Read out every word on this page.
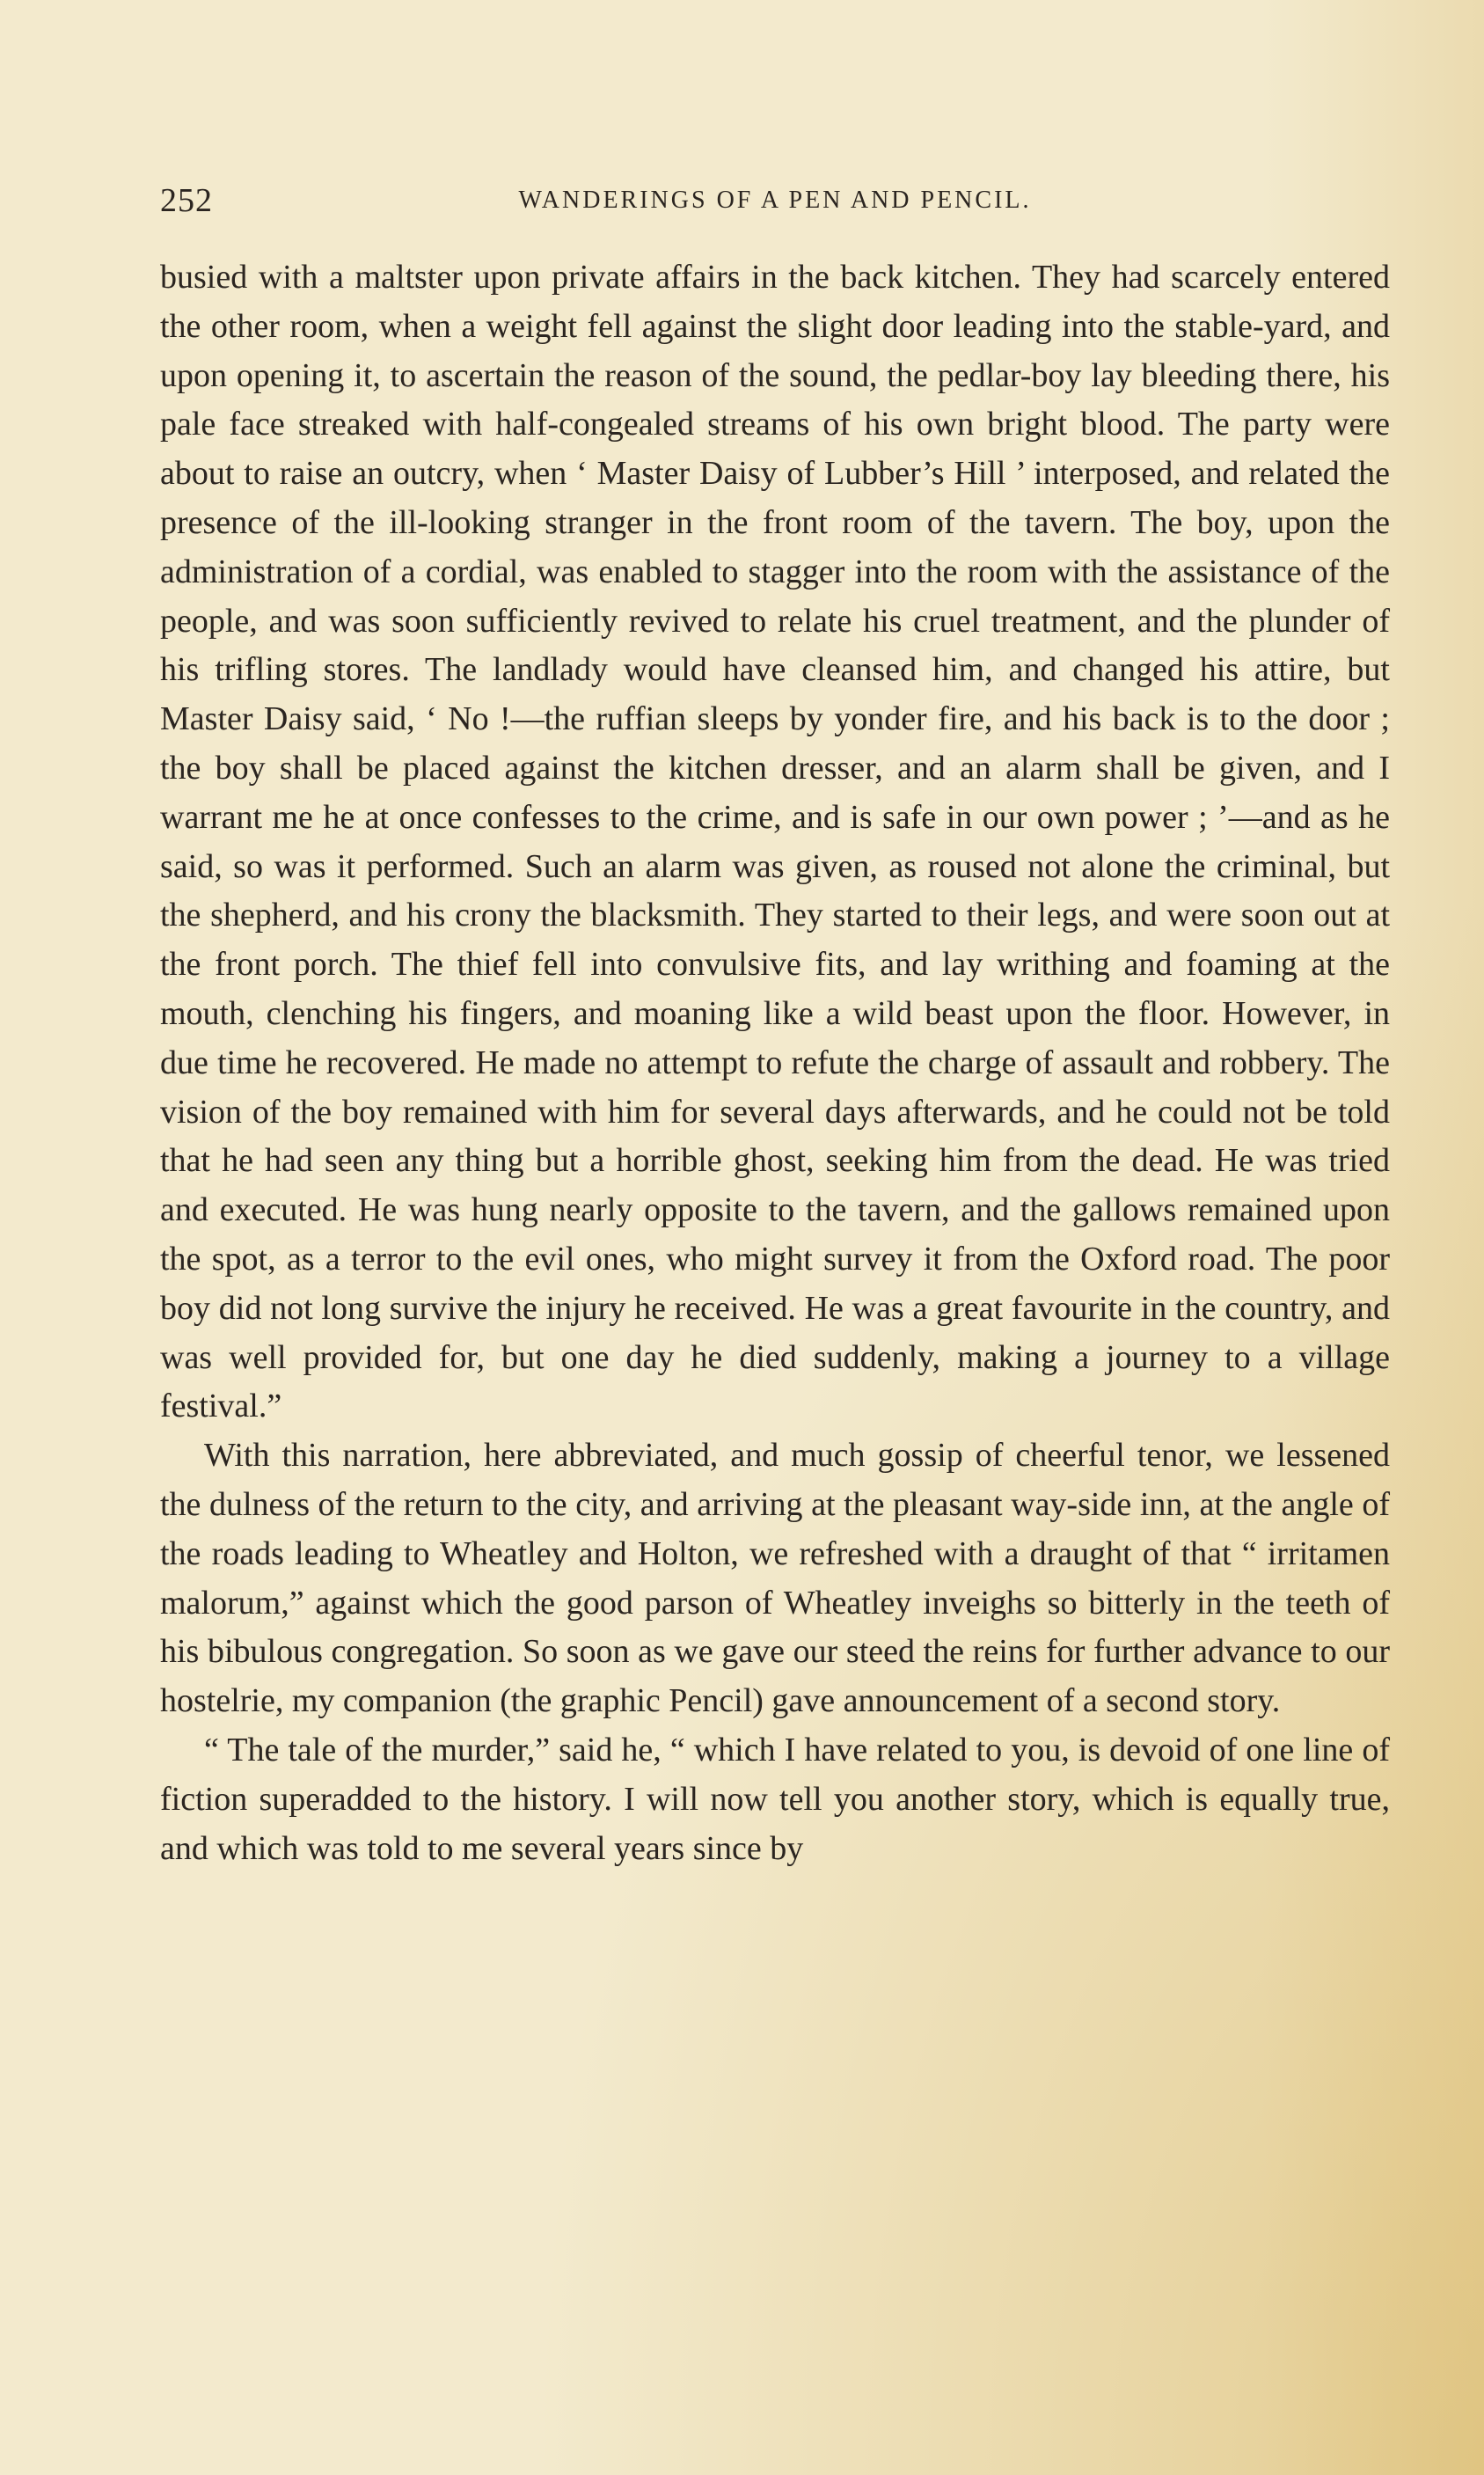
252	WANDERINGS OF A PEN AND PENCIL.

busied with a maltster upon private affairs in the back kitchen. They had scarcely entered the other room, when a weight fell against the slight door leading into the stable-yard, and upon opening it, to ascertain the reason of the sound, the pedlar-boy lay bleeding there, his pale face streaked with half-congealed streams of his own bright blood. The party were about to raise an outcry, when ‘ Master Daisy of Lubber’s Hill ’ interposed, and related the presence of the ill-looking stranger in the front room of the tavern. The boy, upon the administration of a cordial, was enabled to stagger into the room with the assistance of the people, and was soon sufficiently revived to relate his cruel treatment, and the plunder of his trifling stores. The landlady would have cleansed him, and changed his attire, but Master Daisy said, ‘ No !—the ruffian sleeps by yonder fire, and his back is to the door ; the boy shall be placed against the kitchen dresser, and an alarm shall be given, and I warrant me he at once confesses to the crime, and is safe in our own power ; ’—and as he said, so was it performed. Such an alarm was given, as roused not alone the criminal, but the shepherd, and his crony the blacksmith. They started to their legs, and were soon out at the front porch. The thief fell into convulsive fits, and lay writhing and foaming at the mouth, clenching his fingers, and moaning like a wild beast upon the floor. However, in due time he recovered. He made no attempt to refute the charge of assault and robbery. The vision of the boy remained with him for several days afterwards, and he could not be told that he had seen any thing but a horrible ghost, seeking him from the dead. He was tried and executed. He was hung nearly opposite to the tavern, and the gallows remained upon the spot, as a terror to the evil ones, who might survey it from the Oxford road. The poor boy did not long survive the injury he received. He was a great favourite in the country, and was well provided for, but one day he died suddenly, making a journey to a village festival.”

With this narration, here abbreviated, and much gossip of cheerful tenor, we lessened the dulness of the return to the city, and arriving at the pleasant way-side inn, at the angle of the roads leading to Wheatley and Holton, we refreshed with a draught of that “ irritamen malorum,” against which the good parson of Wheatley inveighs so bitterly in the teeth of his bibulous congregation. So soon as we gave our steed the reins for further advance to our hostelrie, my companion (the graphic Pencil) gave announcement of a second story.

“ The tale of the murder,” said he, “ which I have related to you, is devoid of one line of fiction superadded to the history. I will now tell you another story, which is equally true, and which was told to me several years since by
